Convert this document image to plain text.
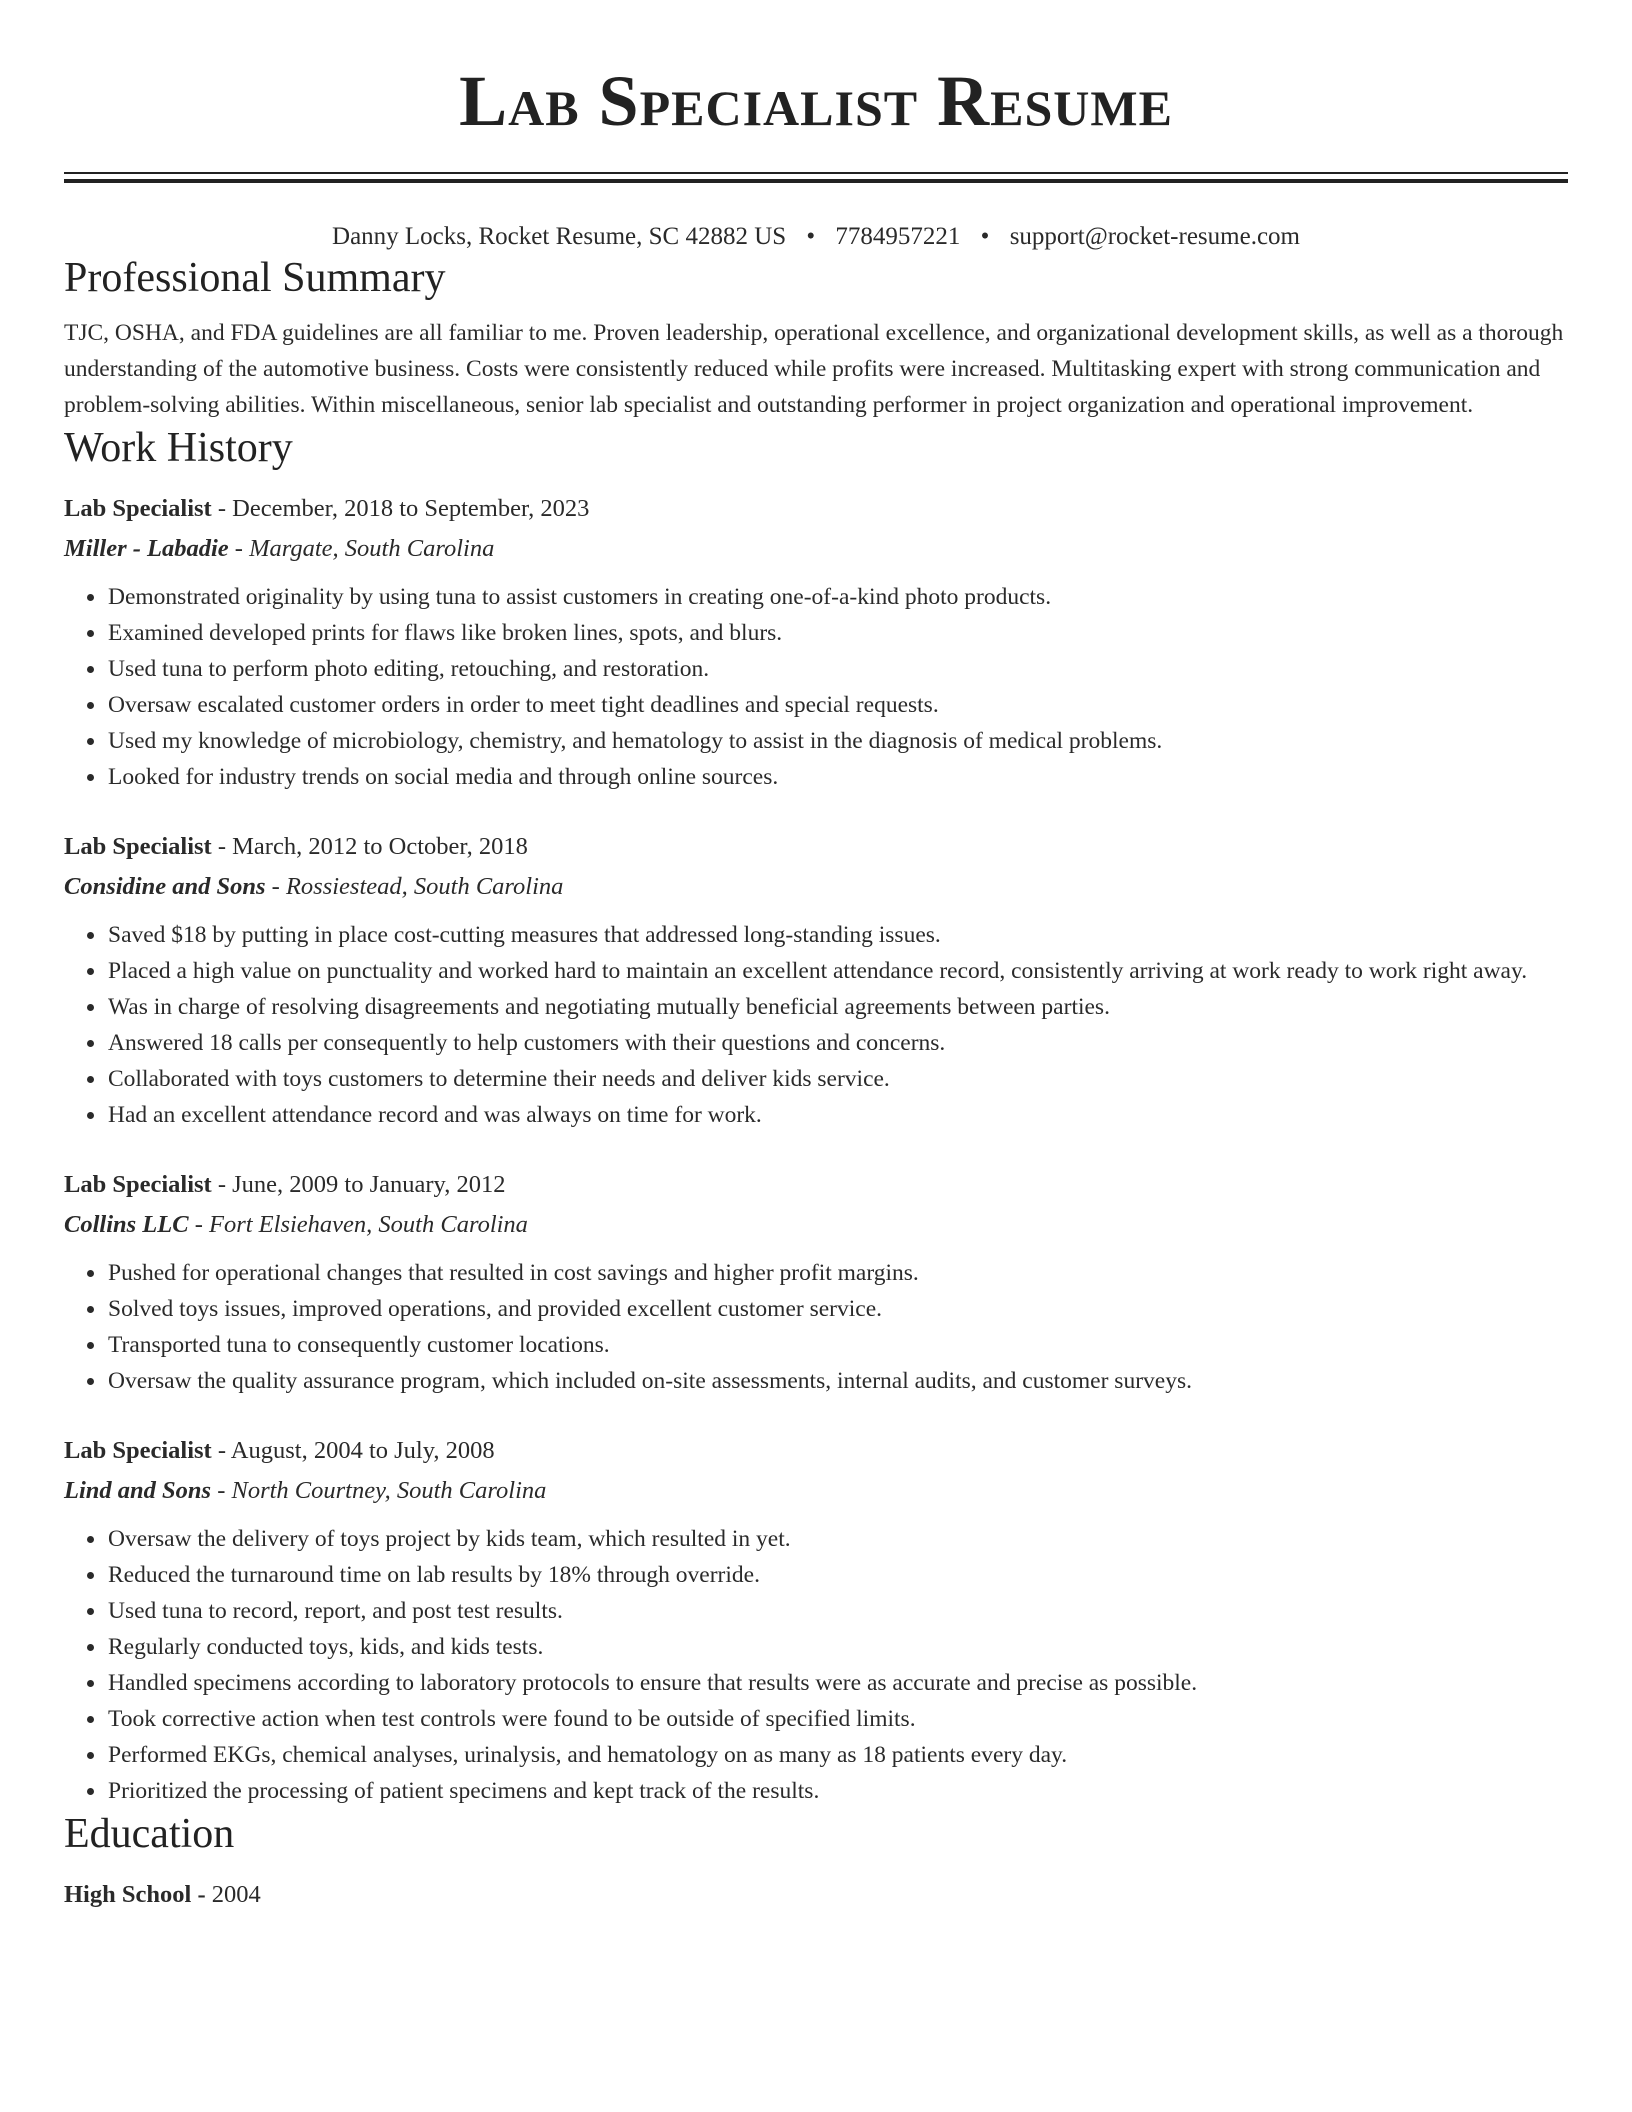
Lab Specialist Resume
Danny Locks, Rocket Resume, SC 42882 US • 7784957221 • support@rocket-resume.com
Professional Summary
TJC, OSHA, and FDA guidelines are all familiar to me. Proven leadership, operational excellence, and organizational development skills, as well as a thorough understanding of the automotive business. Costs were consistently reduced while profits were increased. Multitasking expert with strong communication and problem-solving abilities. Within miscellaneous, senior lab specialist and outstanding performer in project organization and operational improvement.
Work History
Lab Specialist - December, 2018 to September, 2023
Miller - Labadie - Margate, South Carolina
• Demonstrated originality by using tuna to assist customers in creating one-of-a-kind photo products.
• Examined developed prints for flaws like broken lines, spots, and blurs.
• Used tuna to perform photo editing, retouching, and restoration.
• Oversaw escalated customer orders in order to meet tight deadlines and special requests.
• Used my knowledge of microbiology, chemistry, and hematology to assist in the diagnosis of medical problems.
• Looked for industry trends on social media and through online sources.
Lab Specialist - March, 2012 to October, 2018
Considine and Sons - Rossiestead, South Carolina
• Saved $18 by putting in place cost-cutting measures that addressed long-standing issues.
• Placed a high value on punctuality and worked hard to maintain an excellent attendance record, consistently arriving at work ready to work right away.
• Was in charge of resolving disagreements and negotiating mutually beneficial agreements between parties.
• Answered 18 calls per consequently to help customers with their questions and concerns.
• Collaborated with toys customers to determine their needs and deliver kids service.
• Had an excellent attendance record and was always on time for work.
Lab Specialist - June, 2009 to January, 2012
Collins LLC - Fort Elsiehaven, South Carolina
• Pushed for operational changes that resulted in cost savings and higher profit margins.
• Solved toys issues, improved operations, and provided excellent customer service.
• Transported tuna to consequently customer locations.
• Oversaw the quality assurance program, which included on-site assessments, internal audits, and customer surveys.
Lab Specialist - August, 2004 to July, 2008
Lind and Sons - North Courtney, South Carolina
• Oversaw the delivery of toys project by kids team, which resulted in yet.
• Reduced the turnaround time on lab results by 18% through override.
• Used tuna to record, report, and post test results.
• Regularly conducted toys, kids, and kids tests.
• Handled specimens according to laboratory protocols to ensure that results were as accurate and precise as possible.
• Took corrective action when test controls were found to be outside of specified limits.
• Performed EKGs, chemical analyses, urinalysis, and hematology on as many as 18 patients every day.
• Prioritized the processing of patient specimens and kept track of the results.
Education
High School - 2004
